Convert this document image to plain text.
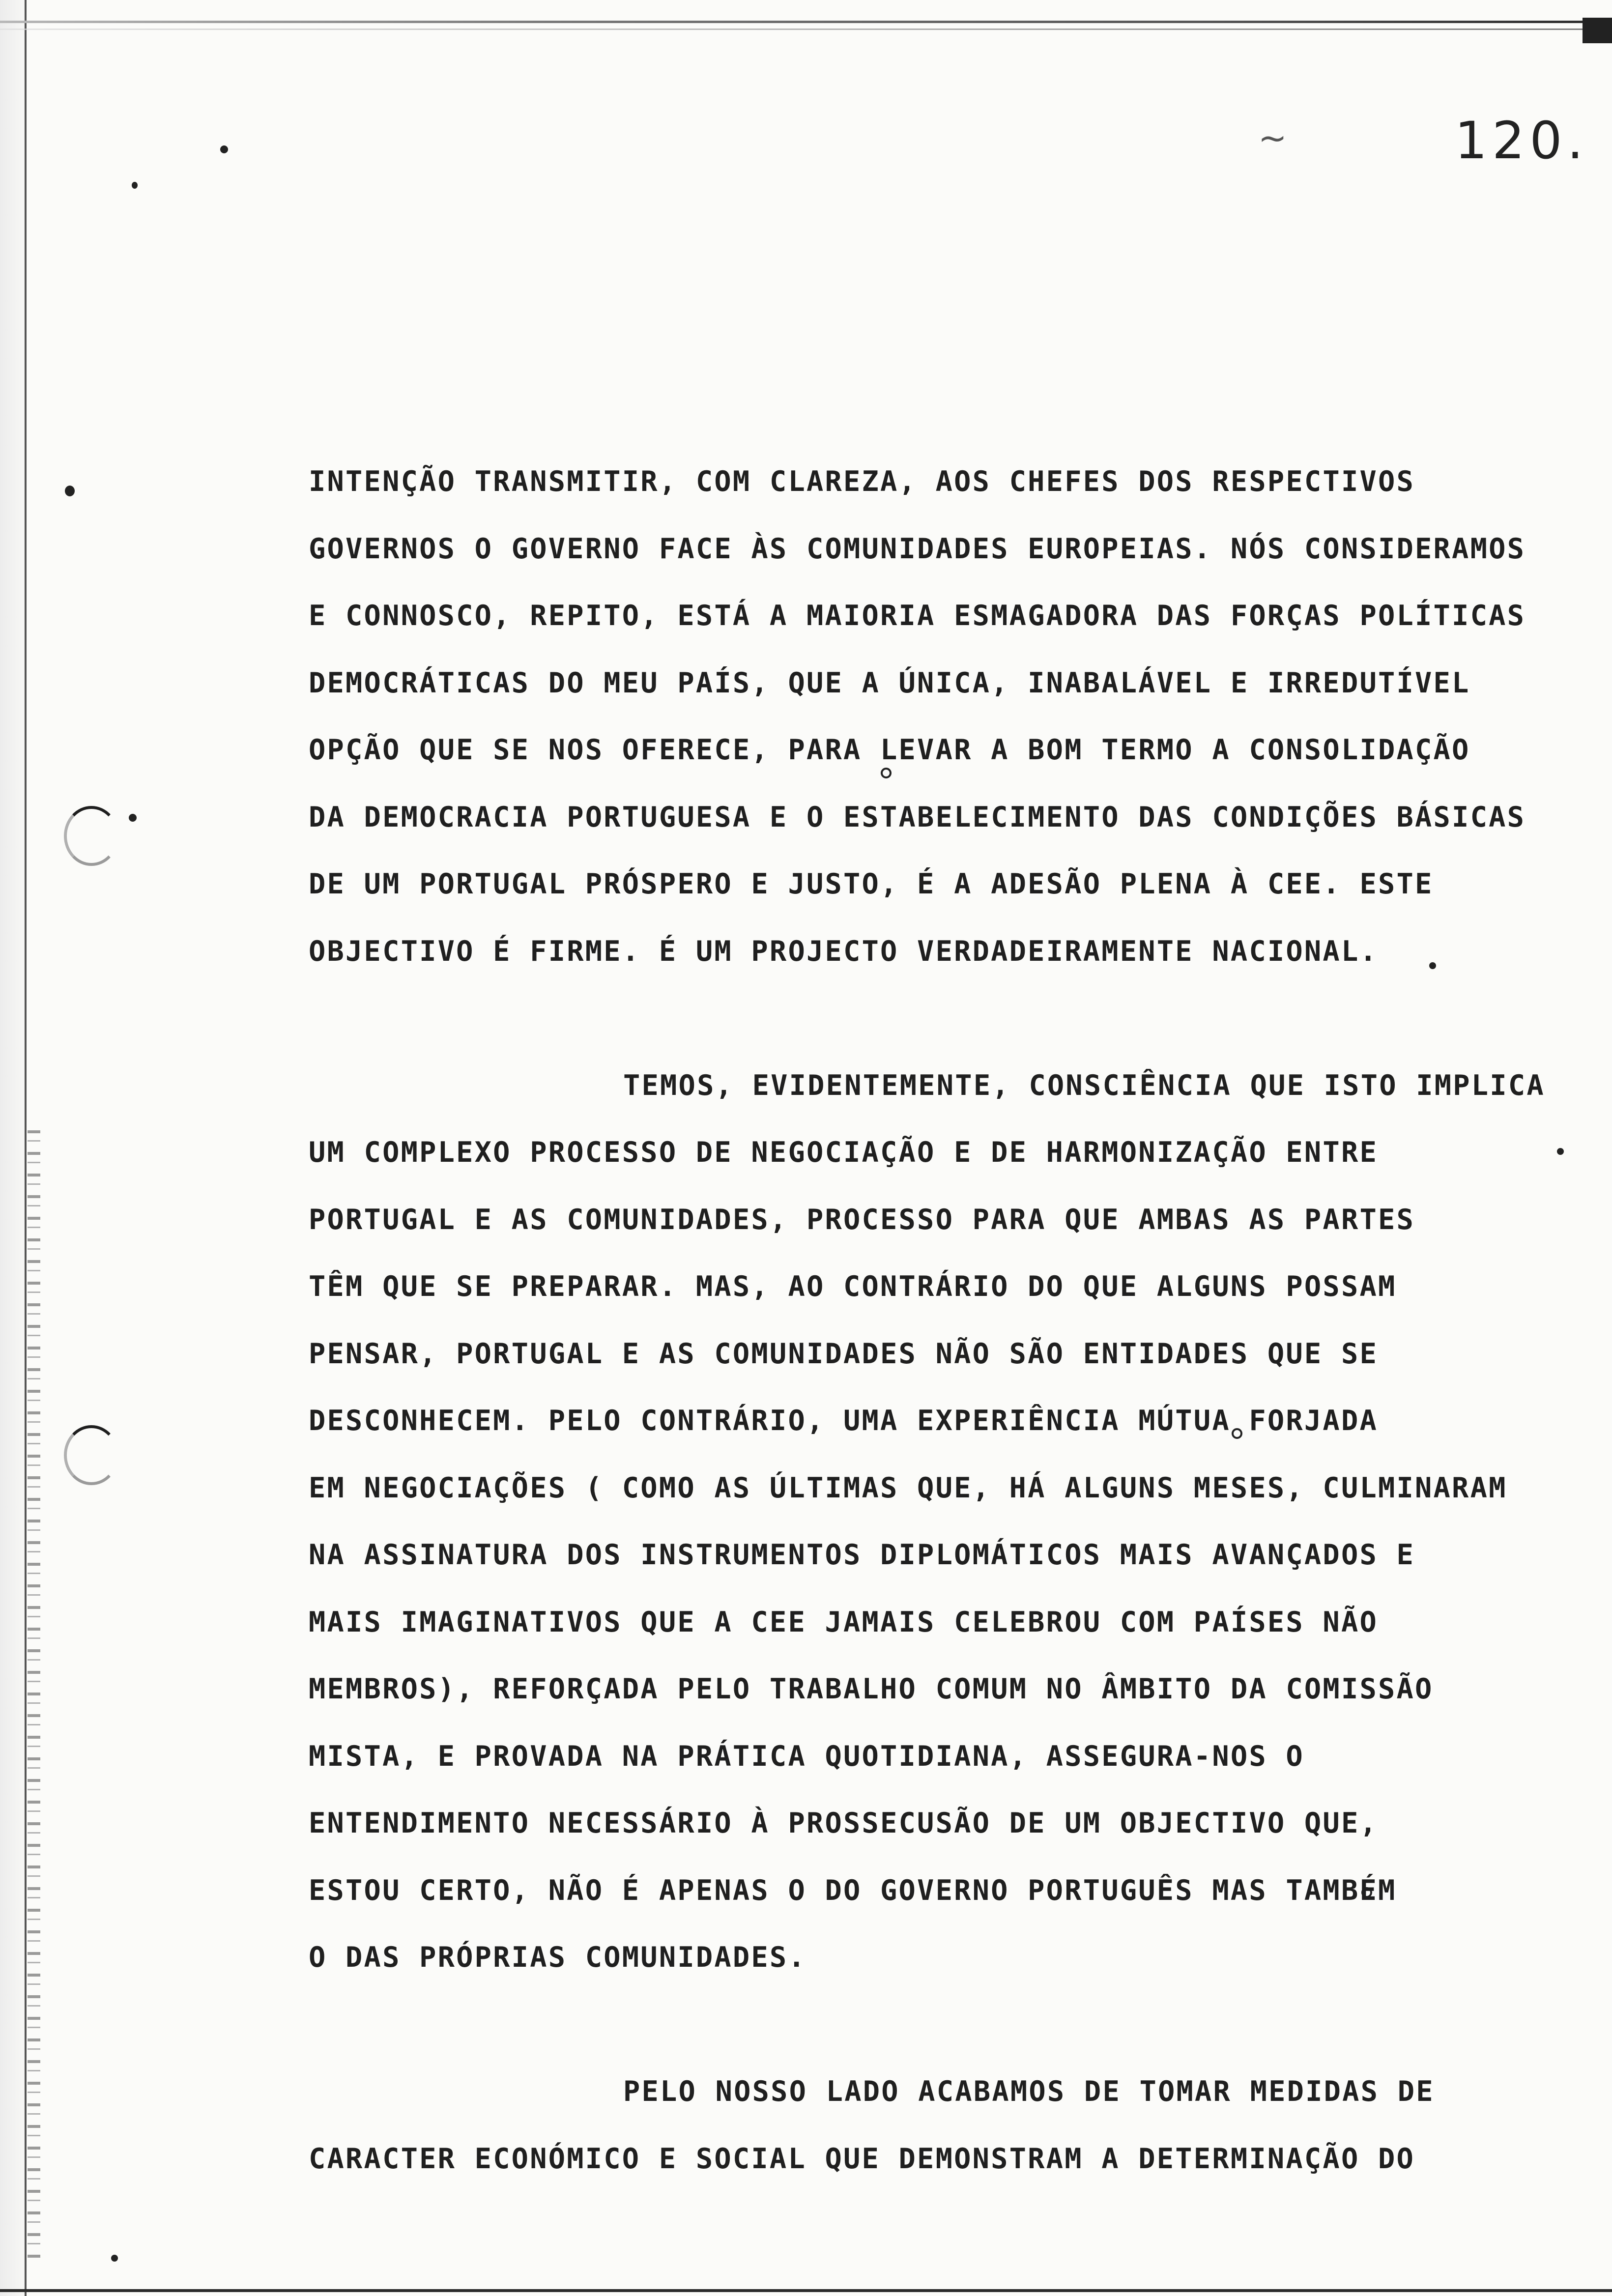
~	120.
INTENÇÃO TRANSMITIR, COM CLAREZA, AOS CHEFES DOS RESPECTIVOS
GOVERNOS O GOVERNO FACE ÀS COMUNIDADES EUROPEIAS. NÓS CONSIDERAMOS
E CONNOSCO, REPITO, ESTÁ A MAIORIA ESMAGADORA DAS FORÇAS POLÍTICAS
DEMOCRÁTICAS DO MEU PAÍS, QUE A ÚNICA, INABALÁVEL E IRREDUTÍVEL
OPÇÃO QUE SE NOS OFERECE, PARA LEVAR A BOM TERMO A CONSOLIDAÇÃO
DA DEMOCRACIA PORTUGUESA E O ESTABELECIMENTO DAS CONDIÇÕES BÁSICAS
DE UM PORTUGAL PRÓSPERO E JUSTO, É A ADESÃO PLENA À CEE. ESTE
OBJECTIVO É FIRME. É UM PROJECTO VERDADEIRAMENTE NACIONAL.
TEMOS, EVIDENTEMENTE, CONSCIÊNCIA QUE ISTO IMPLICA
UM COMPLEXO PROCESSO DE NEGOCIAÇÃO E DE HARMONIZAÇÃO ENTRE
PORTUGAL E AS COMUNIDADES, PROCESSO PARA QUE AMBAS AS PARTES
TÊM QUE SE PREPARAR. MAS, AO CONTRÁRIO DO QUE ALGUNS POSSAM
PENSAR, PORTUGAL E AS COMUNIDADES NÃO SÃO ENTIDADES QUE SE
DESCONHECEM. PELO CONTRÁRIO, UMA EXPERIÊNCIA MÚTUA FORJADA
EM NEGOCIAÇÕES ( COMO AS ÚLTIMAS QUE, HÁ ALGUNS MESES, CULMINARAM
NA ASSINATURA DOS INSTRUMENTOS DIPLOMÁTICOS MAIS AVANÇADOS E
MAIS IMAGINATIVOS QUE A CEE JAMAIS CELEBROU COM PAÍSES NÃO
MEMBROS), REFORÇADA PELO TRABALHO COMUM NO ÂMBITO DA COMISSÃO
MISTA, E PROVADA NA PRÁTICA QUOTIDIANA, ASSEGURA-NOS O
ENTENDIMENTO NECESSÁRIO À PROSSECUSÃO DE UM OBJECTIVO QUE,
ESTOU CERTO, NÃO É APENAS O DO GOVERNO PORTUGUÊS MAS TAMBÉM
O DAS PRÓPRIAS COMUNIDADES.
PELO NOSSO LADO ACABAMOS DE TOMAR MEDIDAS DE
CARACTER ECONÓMICO E SOCIAL QUE DEMONSTRAM A DETERMINAÇÃO DO
